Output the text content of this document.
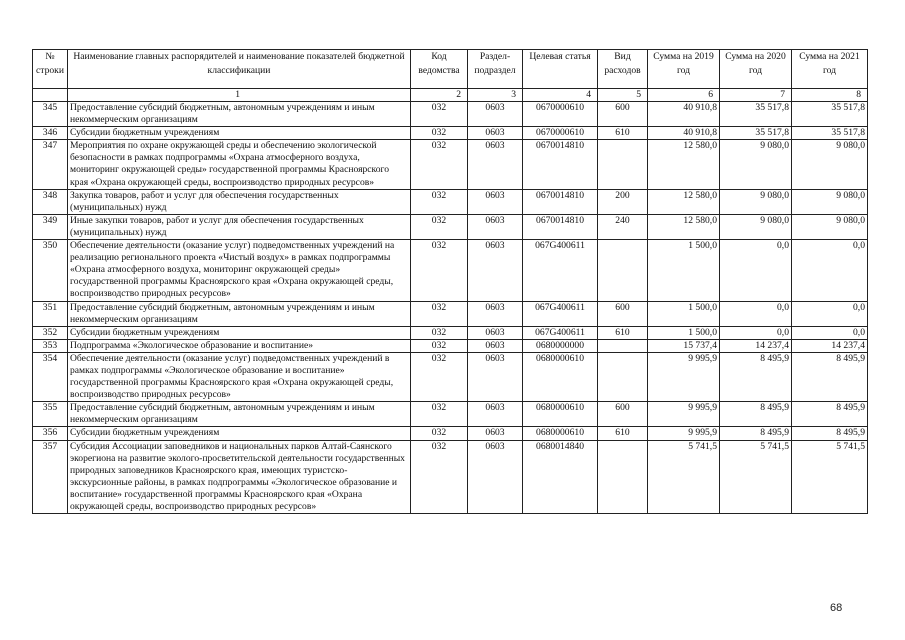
№ строки	Наименование главных распорядителей и наименование показателей бюджетной классификации	Код ведомства	Раздел- подраздел	Целевая статья	Вид расходов	Сумма на 2019 год	Сумма на 2020 год	Сумма на 2021 год
	1	2	3	4	5	6	7	8
345	Предоставление субсидий бюджетным, автономным учреждениям и иным некоммерческим организациям	032	0603	0670000610	600	40 910,8	35 517,8	35 517,8
346	Субсидии бюджетным учреждениям	032	0603	0670000610	610	40 910,8	35 517,8	35 517,8
347	Мероприятия по охране окружающей среды и обеспечению экологической безопасности в рамках подпрограммы «Охрана атмосферного воздуха, мониторинг окружающей среды» государственной программы Красноярского края «Охрана окружающей среды, воспроизводство природных ресурсов»	032	0603	0670014810		12 580,0	9 080,0	9 080,0
348	Закупка товаров, работ и услуг для обеспечения государственных (муниципальных) нужд	032	0603	0670014810	200	12 580,0	9 080,0	9 080,0
349	Иные закупки товаров, работ и услуг для обеспечения государственных (муниципальных) нужд	032	0603	0670014810	240	12 580,0	9 080,0	9 080,0
350	Обеспечение деятельности (оказание услуг) подведомственных учреждений на реализацию регионального проекта «Чистый воздух» в рамках подпрограммы «Охрана атмосферного воздуха, мониторинг окружающей среды» государственной программы Красноярского края «Охрана окружающей среды, воспроизводство природных ресурсов»	032	0603	067G400611		1 500,0	0,0	0,0
351	Предоставление субсидий бюджетным, автономным учреждениям и иным некоммерческим организациям	032	0603	067G400611	600	1 500,0	0,0	0,0
352	Субсидии бюджетным учреждениям	032	0603	067G400611	610	1 500,0	0,0	0,0
353	Подпрограмма «Экологическое образование и воспитание»	032	0603	0680000000		15 737,4	14 237,4	14 237,4
354	Обеспечение деятельности (оказание услуг) подведомственных учреждений в рамках подпрограммы «Экологическое образование и воспитание» государственной программы Красноярского края «Охрана окружающей среды, воспроизводство природных ресурсов»	032	0603	0680000610		9 995,9	8 495,9	8 495,9
355	Предоставление субсидий бюджетным, автономным учреждениям и иным некоммерческим организациям	032	0603	0680000610	600	9 995,9	8 495,9	8 495,9
356	Субсидии бюджетным учреждениям	032	0603	0680000610	610	9 995,9	8 495,9	8 495,9
357	Субсидия Ассоциации заповедников и национальных парков Алтай-Саянского экорегиона на развитие эколого-просветительской деятельности государственных природных заповедников Красноярского края, имеющих туристско-экскурсионные районы, в рамках подпрограммы «Экологическое образование и воспитание» государственной программы Красноярского края «Охрана окружающей среды, воспроизводство природных ресурсов»	032	0603	0680014840		5 741,5	5 741,5	5 741,5
68
